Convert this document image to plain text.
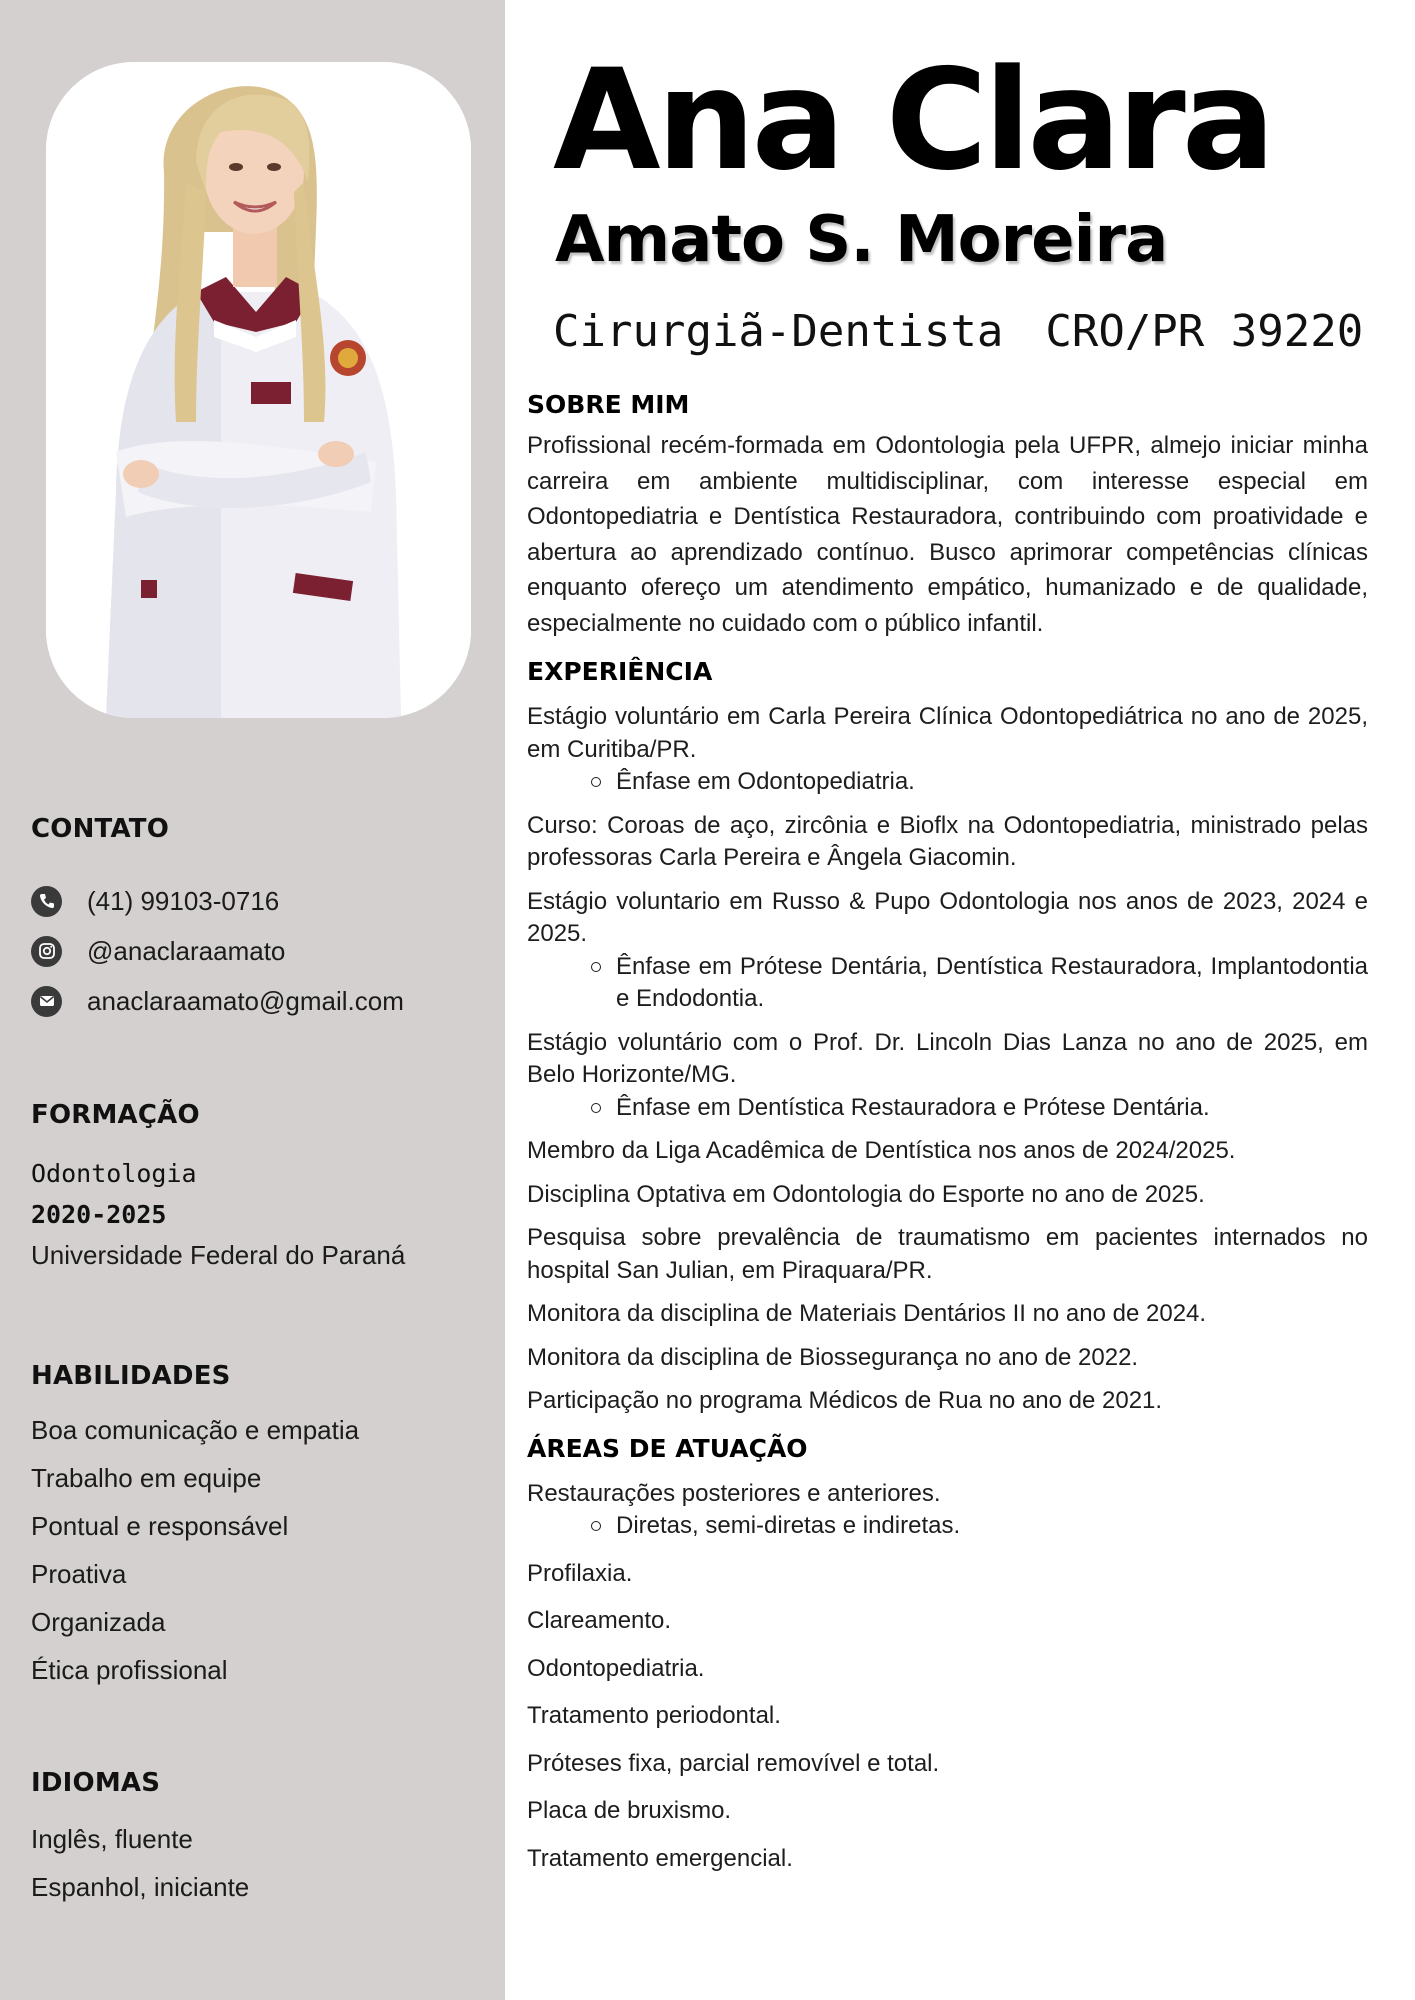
CONTATO
(41) 99103-0716
@anaclaraamato
anaclaraamato@gmail.com
FORMAÇÃO
Odontologia
2020-2025
Universidade Federal do Paraná
HABILIDADES
Boa comunicação e empatia
Trabalho em equipe
Pontual e responsável
Proativa
Organizada
Ética profissional
IDIOMAS
Inglês, fluente
Espanhol, iniciante
Ana Clara
Amato S. Moreira
Cirurgiã-Dentista CRO/PR 39220
SOBRE MIM

Profissional recém-formada em Odontologia pela UFPR, almejo iniciar minha carreira em ambiente multidisciplinar, com interesse especial em Odontopediatria e Dentística Restauradora, contribuindo com proatividade e abertura ao aprendizado contínuo. Busco aprimorar competências clínicas enquanto ofereço um atendimento empático, humanizado e de qualidade, especialmente no cuidado com o público infantil.

EXPERIÊNCIA
Estágio voluntário em Carla Pereira Clínica Odontopediátrica no ano de 2025, em Curitiba/PR.
Ênfase em Odontopediatria.
Curso: Coroas de aço, zircônia e Bioflx na Odontopediatria, ministrado pelas professoras Carla Pereira e Ângela Giacomin.
Estágio voluntario em Russo & Pupo Odontologia nos anos de 2023, 2024 e 2025.
Ênfase em Prótese Dentária, Dentística Restauradora, Implantodontia e Endodontia.
Estágio voluntário com o Prof. Dr. Lincoln Dias Lanza no ano de 2025, em Belo Horizonte/MG.
Ênfase em Dentística Restauradora e Prótese Dentária.
Membro da Liga Acadêmica de Dentística nos anos de 2024/2025.
Disciplina Optativa em Odontologia do Esporte no ano de 2025.
Pesquisa sobre prevalência de traumatismo em pacientes internados no hospital San Julian, em Piraquara/PR.
Monitora da disciplina de Materiais Dentários II no ano de 2024.
Monitora da disciplina de Biossegurança no ano de 2022.
Participação no programa Médicos de Rua no ano de 2021.
ÁREAS DE ATUAÇÃO
Restaurações posteriores e anteriores.
Diretas, semi-diretas e indiretas.
Profilaxia.
Clareamento.
Odontopediatria.
Tratamento periodontal.
Próteses fixa, parcial removível e total.
Placa de bruxismo.
Tratamento emergencial.
